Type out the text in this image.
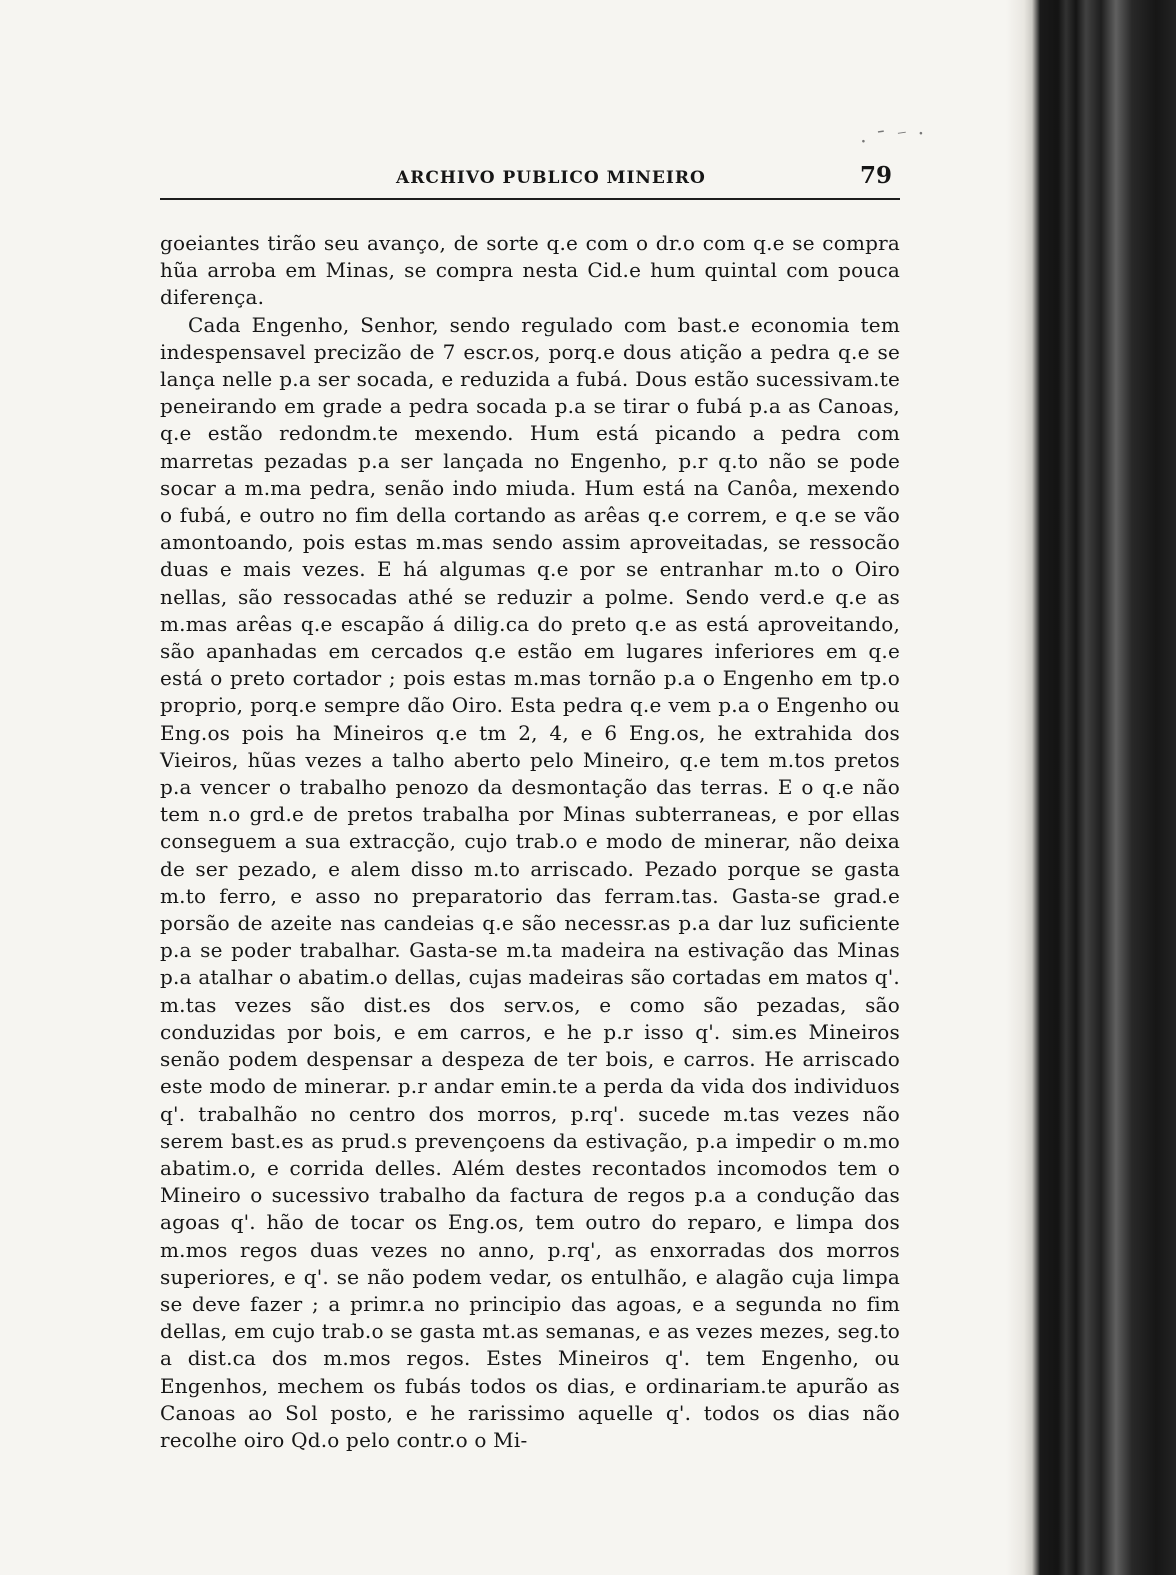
· ˉ ⁻ ·
ARCHIVO PUBLICO MINEIRO	79

goeiantes tirão seu avanço, de sorte q.e com o dr.o com q.e se compra hũa arroba em Minas, se compra nesta Cid.e hum quintal com pouca diferença.

Cada Engenho, Senhor, sendo regulado com bast.e economia tem indespensavel precizão de 7 escr.os, porq.e dous atição a pedra q.e se lança nelle p.a ser socada, e reduzida a fubá. Dous estão sucessivam.te peneirando em grade a pedra socada p.a se tirar o fubá p.a as Canoas, q.e estão redondm.te mexendo. Hum está picando a pedra com marretas pezadas p.a ser lançada no Engenho, p.r q.to não se pode socar a m.ma pedra, senão indo miuda. Hum está na Canôa, mexendo o fubá, e outro no fim della cortando as arêas q.e correm, e q.e se vão amontoando, pois estas m.mas sendo assim aproveitadas, se ressocão duas e mais vezes. E há algumas q.e por se entranhar m.to o Oiro nellas, são ressocadas athé se reduzir a polme. Sendo verd.e q.e as m.mas arêas q.e escapão á dilig.ca do preto q.e as está aproveitando, são apanhadas em cercados q.e estão em lugares inferiores em q.e está o preto cortador ; pois estas m.mas tornão p.a o Engenho em tp.o proprio, porq.e sempre dão Oiro. Esta pedra q.e vem p.a o Engenho ou Eng.os pois ha Mineiros q.e tm 2, 4, e 6 Eng.os, he extrahida dos Vieiros, hũas vezes a talho aberto pelo Mineiro, q.e tem m.tos pretos p.a vencer o trabalho penozo da desmontação das terras. E o q.e não tem n.o grd.e de pretos trabalha por Minas subterraneas, e por ellas conseguem a sua extracção, cujo trab.o e modo de minerar, não deixa de ser pezado, e alem disso m.to arriscado. Pezado porque se gasta m.to ferro, e asso no preparatorio das ferram.tas. Gasta-se grad.e porsão de azeite nas candeias q.e são necessr.as p.a dar luz suficiente p.a se poder trabalhar. Gasta-se m.ta madeira na estivação das Minas p.a atalhar o abatim.o dellas, cujas madeiras são cortadas em matos q'. m.tas vezes são dist.es dos serv.os, e como são pezadas, são conduzidas por bois, e em carros, e he p.r isso q'. sim.es Mineiros senão podem despensar a despeza de ter bois, e carros. He arriscado este modo de minerar. p.r andar emin.te a perda da vida dos individuos q'. trabalhão no centro dos morros, p.rq'. sucede m.tas vezes não serem bast.es as prud.s prevençoens da estivação, p.a impedir o m.mo abatim.o, e corrida delles. Além destes recontados incomodos tem o Mineiro o sucessivo trabalho da factura de regos p.a a condução das agoas q'. hão de tocar os Eng.os, tem outro do reparo, e limpa dos m.mos regos duas vezes no anno, p.rq', as enxorradas dos morros superiores, e q'. se não podem vedar, os entulhão, e alagão cuja limpa se deve fazer ; a primr.a no principio das agoas, e a segunda no fim dellas, em cujo trab.o se gasta mt.as semanas, e as vezes mezes, seg.to a dist.ca dos m.mos regos. Estes Mineiros q'. tem Engenho, ou Engenhos, mechem os fubás todos os dias, e ordinariam.te apurão as Canoas ao Sol posto, e he rarissimo aquelle q'. todos os dias não recolhe oiro Qd.o pelo contr.o o Mi-
